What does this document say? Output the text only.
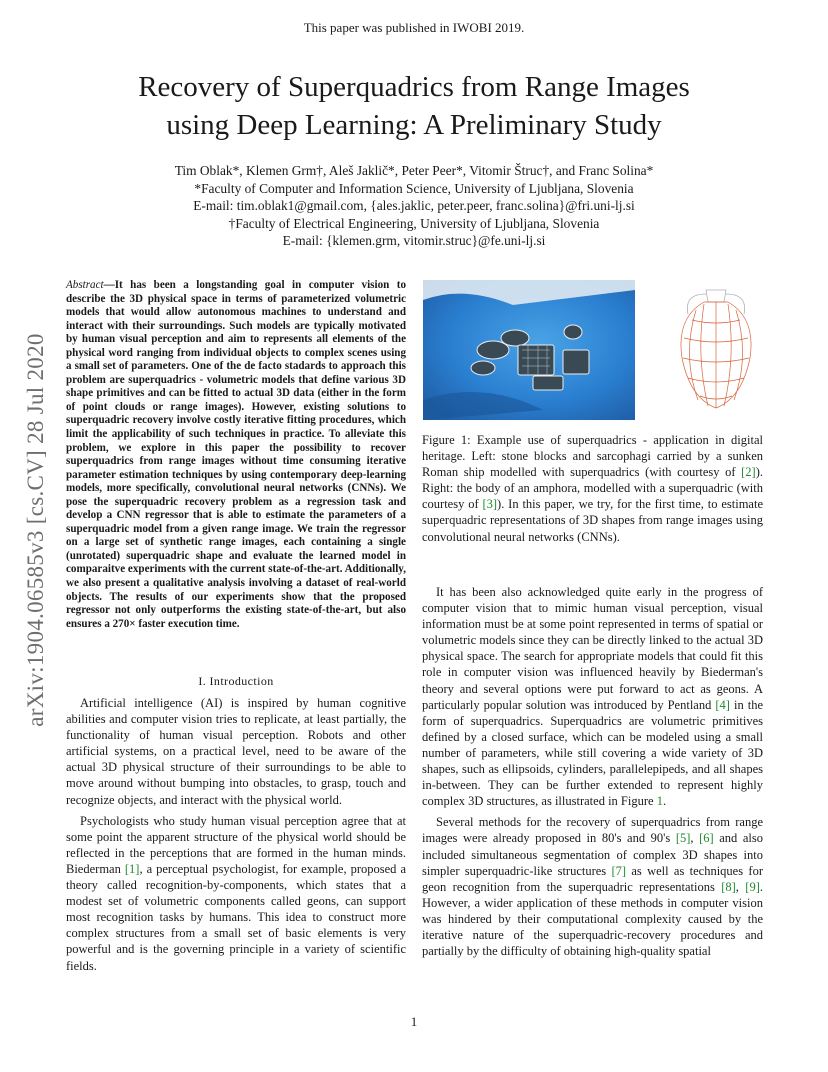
This paper was published in IWOBI 2019.
Recovery of Superquadrics from Range Images
using Deep Learning: A Preliminary Study
Tim Oblak*, Klemen Grm†, Aleš Jaklič*, Peter Peer*, Vitomir Štruc†, and Franc Solina*
*Faculty of Computer and Information Science, University of Ljubljana, Slovenia
E-mail: tim.oblak1@gmail.com, {ales.jaklic, peter.peer, franc.solina}@fri.uni-lj.si
†Faculty of Electrical Engineering, University of Ljubljana, Slovenia
E-mail: {klemen.grm, vitomir.struc}@fe.uni-lj.si
arXiv:1904.06585v3 [cs.CV] 28 Jul 2020
Abstract—It has been a longstanding goal in computer vision to describe the 3D physical space in terms of parameterized volumetric models that would allow autonomous machines to understand and interact with their surroundings. Such models are typically motivated by human visual perception and aim to represents all elements of the physical word ranging from individual objects to complex scenes using a small set of parameters. One of the de facto stadards to approach this problem are superquadrics - volumetric models that define various 3D shape primitives and can be fitted to actual 3D data (either in the form of point clouds or range images). However, existing solutions to superquadric recovery involve costly iterative fitting procedures, which limit the applicability of such techniques in practice. To alleviate this problem, we explore in this paper the possibility to recover superquadrics from range images without time consuming iterative parameter estimation techniques by using contemporary deep-learning models, more specifically, convolutional neural networks (CNNs). We pose the superquadric recovery problem as a regression task and develop a CNN regressor that is able to estimate the parameters of a superquadric model from a given range image. We train the regressor on a large set of synthetic range images, each containing a single (unrotated) superquadric shape and evaluate the learned model in comparaitve experiments with the current state-of-the-art. Additionally, we also present a qualitative analysis involving a dataset of real-world objects. The results of our experiments show that the proposed regressor not only outperforms the existing state-of-the-art, but also ensures a 270× faster execution time.
I. Introduction

Artificial intelligence (AI) is inspired by human cognitive abilities and computer vision tries to replicate, at least partially, the functionality of human visual perception. Robots and other artificial systems, on a practical level, need to be aware of the actual 3D physical structure of their surroundings to be able to move around without bumping into obstacles, to grasp, touch and recognize objects, and interact with the physical world.

Psychologists who study human visual perception agree that at some point the apparent structure of the physical world should be reflected in the perceptions that are formed in the human minds. Biederman [1], a perceptual psychologist, for example, proposed a theory called recognition-by-components, which states that a modest set of volumetric components called geons, can support most recognition tasks by humans. This idea to construct more complex structures from a small set of basic elements is very powerful and is the governing principle in a variety of scientific fields.

Figure 1: Example use of superquadrics - application in digital heritage. Left: stone blocks and sarcophagi carried by a sunken Roman ship modelled with superquadrics (with courtesy of [2]). Right: the body of an amphora, modelled with a superquadric (with courtesy of [3]). In this paper, we try, for the first time, to estimate superquadric representations of 3D shapes from range images using convolutional neural networks (CNNs).

It has been also acknowledged quite early in the progress of computer vision that to mimic human visual perception, visual information must be at some point represented in terms of spatial or volumetric models since they can be directly linked to the actual 3D physical space. The search for appropriate models that could fit this role in computer vision was influenced heavily by Biederman's theory and several options were put forward to act as geons. A particularly popular solution was introduced by Pentland [4] in the form of superquadrics. Superquadrics are volumetric primitives defined by a closed surface, which can be modeled using a small number of parameters, while still covering a wide variety of 3D shapes, such as ellipsoids, cylinders, parallelepipeds, and all shapes in-between. They can be further extended to represent highly complex 3D structures, as illustrated in Figure 1.

Several methods for the recovery of superquadrics from range images were already proposed in 80's and 90's [5], [6] and also included simultaneous segmentation of complex 3D shapes into simpler superquadric-like structures [7] as well as techniques for geon recognition from the superquadric representations [8], [9]. However, a wider application of these methods in computer vision was hindered by their computational complexity caused by the iterative nature of the superquadric-recovery procedures and partially by the difficulty of obtaining high-quality spatial

1
